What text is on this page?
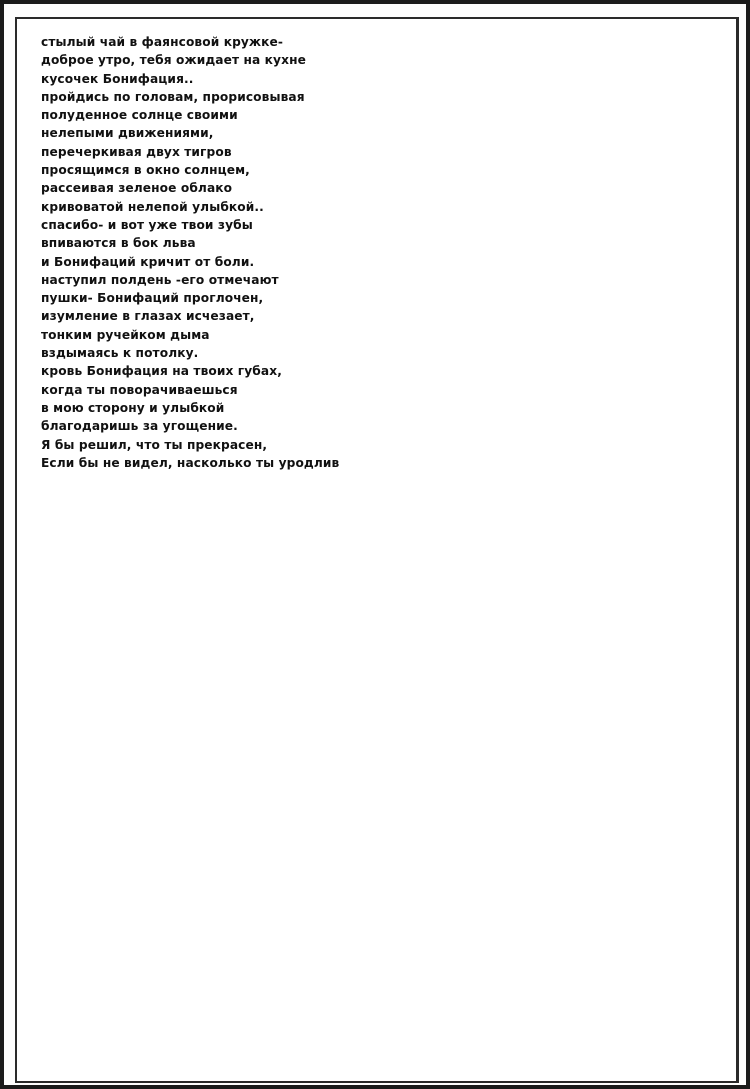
стылый чай в фаянсовой кружке-
доброе утро, тебя ожидает на кухне
кусочек Бонифация..
пройдись по головам, прорисовывая
полуденное солнце своими
нелепыми движениями,
перечеркивая двух тигров
просящимся в окно солнцем,
рассеивая зеленое облако
кривоватой нелепой улыбкой..
спасибо- и вот уже твои зубы
впиваются в бок льва
и Бонифаций кричит от боли.
наступил полдень -его отмечают
пушки- Бонифаций проглочен,
изумление в глазах исчезает,
тонким ручейком дыма
вздымаясь к потолку.
кровь Бонифация на твоих губах,
когда ты поворачиваешься
в мою сторону и улыбкой
благодаришь за угощение.
Я бы решил, что ты прекрасен,
Если бы не видел, насколько ты уродлив
